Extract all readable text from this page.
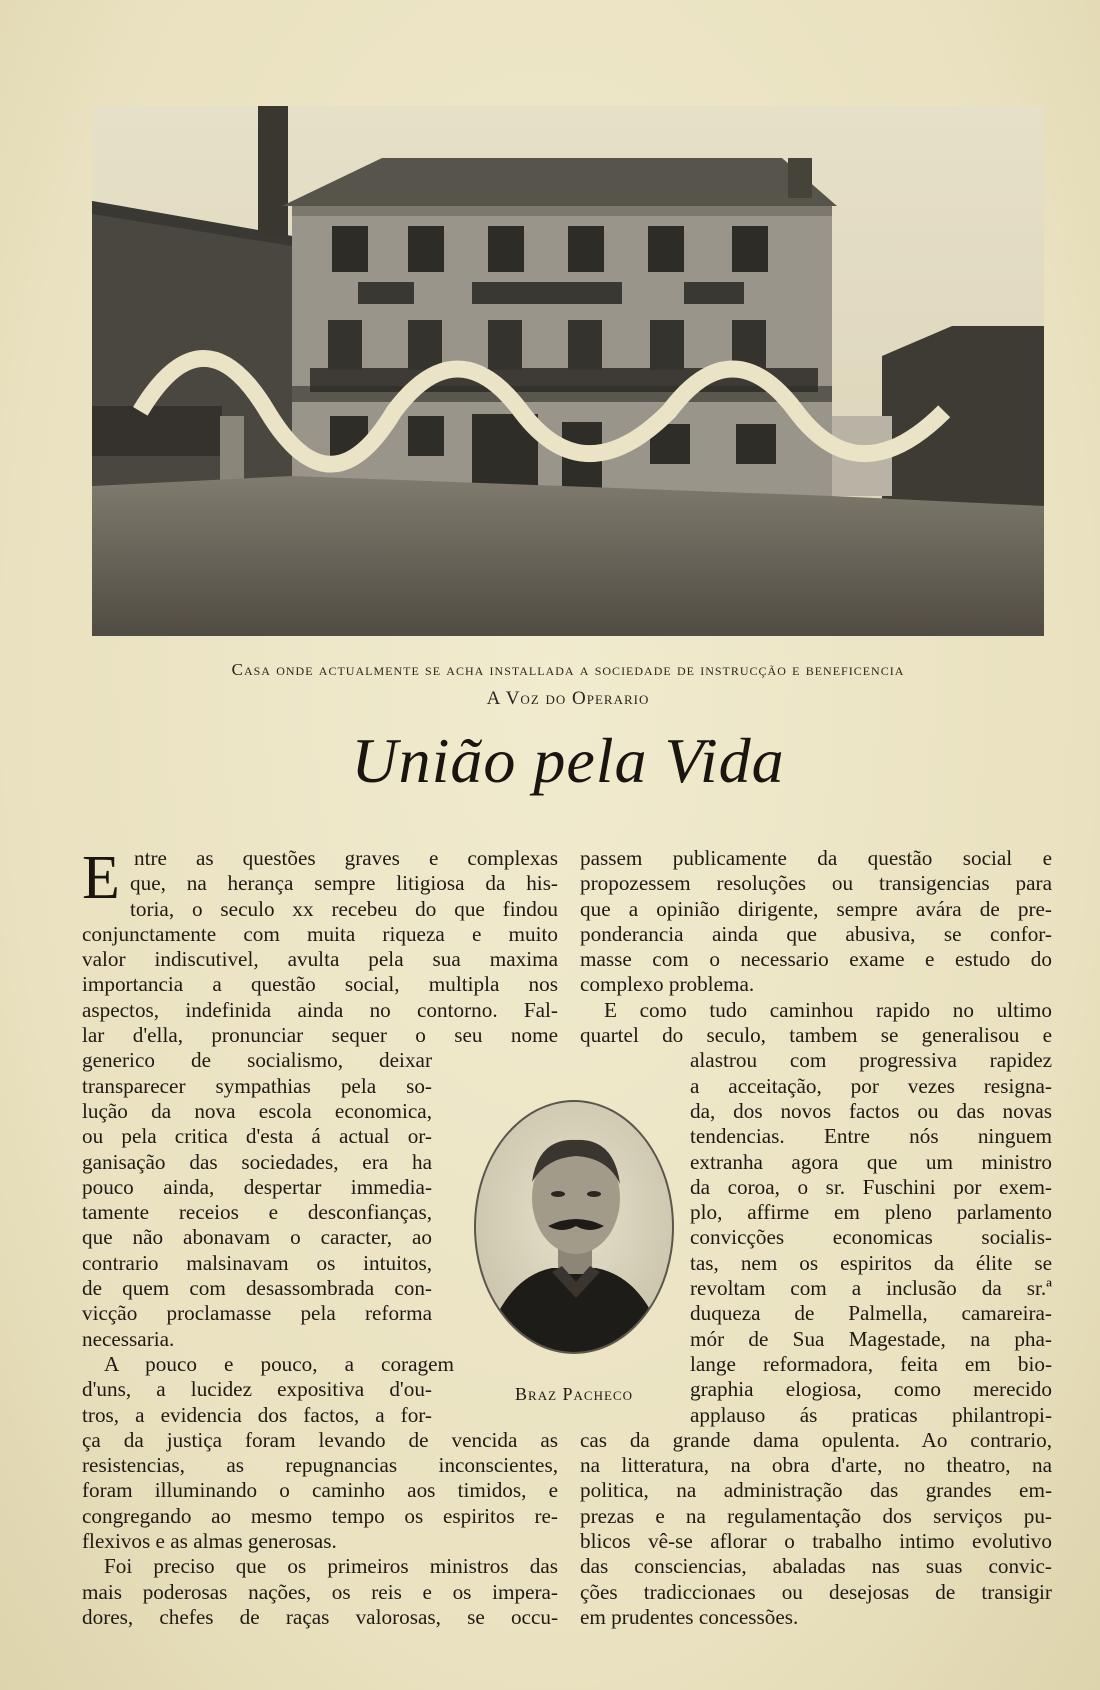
Casa onde actualmente se acha installada a sociedade de instrucção e beneficencia
A Voz do Operario
União pela Vida
E ntre as questões graves e complexas
que, na herança sempre litigiosa da his-
toria, o seculo xx recebeu do que findou
conjunctamente com muita riqueza e muito
valor indiscutivel, avulta pela sua maxima
importancia a questão social, multipla nos
aspectos, indefinida ainda no contorno. Fal-
lar d'ella, pronunciar sequer o seu nome
generico de socialismo, deixar
transparecer sympathias pela so-
lução da nova escola economica,
ou pela critica d'esta á actual or-
ganisação das sociedades, era ha
pouco ainda, despertar immedia-
tamente receios e desconfianças,
que não abonavam o caracter, ao
contrario malsinavam os intuitos,
de quem com desassombrada con-
vicção proclamasse pela reforma
necessaria.
A pouco e pouco, a coragem
d'uns, a lucidez expositiva d'ou-
tros, a evidencia dos factos, a for-
ça da justiça foram levando de vencida as
resistencias, as repugnancias inconscientes,
foram illuminando o caminho aos timidos, e
congregando ao mesmo tempo os espiritos re-
flexivos e as almas generosas.
Foi preciso que os primeiros ministros das
mais poderosas nações, os reis e os impera-
dores, chefes de raças valorosas, se occu-
passem publicamente da questão social e
propozessem resoluções ou transigencias para
que a opinião dirigente, sempre avára de pre-
ponderancia ainda que abusiva, se confor-
masse com o necessario exame e estudo do
complexo problema.
E como tudo caminhou rapido no ultimo
quartel do seculo, tambem se generalisou e
alastrou com progressiva rapidez
a acceitação, por vezes resigna-
da, dos novos factos ou das novas
tendencias. Entre nós ninguem
extranha agora que um ministro
da coroa, o sr. Fuschini por exem-
plo, affirme em pleno parlamento
convicções economicas socialis-
tas, nem os espiritos da élite se
revoltam com a inclusão da sr.ª
duqueza de Palmella, camareira-
mór de Sua Magestade, na pha-
lange reformadora, feita em bio-
graphia elogiosa, como merecido
applauso ás praticas philantropi-
cas da grande dama opulenta. Ao contrario,
na litteratura, na obra d'arte, no theatro, na
politica, na administração das grandes em-
prezas e na regulamentação dos serviços pu-
blicos vê-se aflorar o trabalho intimo evolutivo
das consciencias, abaladas nas suas convic-
ções tradiccionaes ou desejosas de transigir
em prudentes concessões.
Braz Pacheco
